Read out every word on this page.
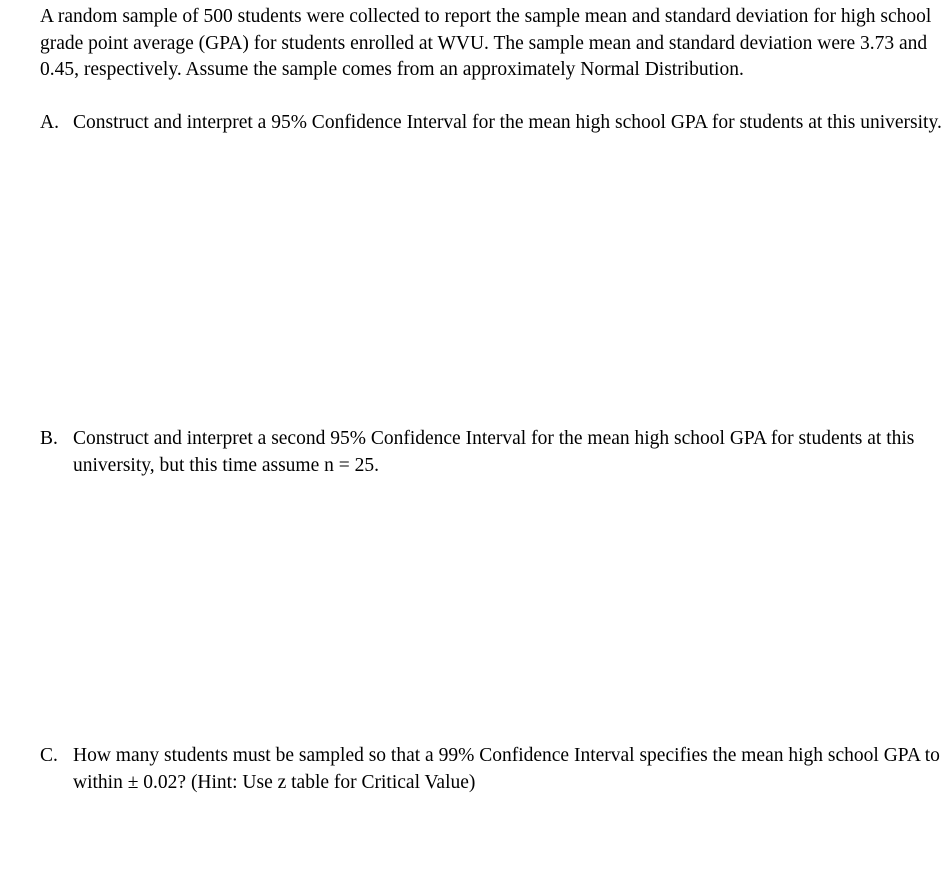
A random sample of 500 students were collected to report the sample mean and standard deviation for high school grade point average (GPA) for students enrolled at WVU. The sample mean and standard deviation were 3.73 and 0.45, respectively. Assume the sample comes from an approximately Normal Distribution.

A. Construct and interpret a 95% Confidence Interval for the mean high school GPA for students at this university.
B. Construct and interpret a second 95% Confidence Interval for the mean high school GPA for students at this university, but this time assume n = 25.
C. How many students must be sampled so that a 99% Confidence Interval specifies the mean high school GPA to within ± 0.02? (Hint: Use z table for Critical Value)
